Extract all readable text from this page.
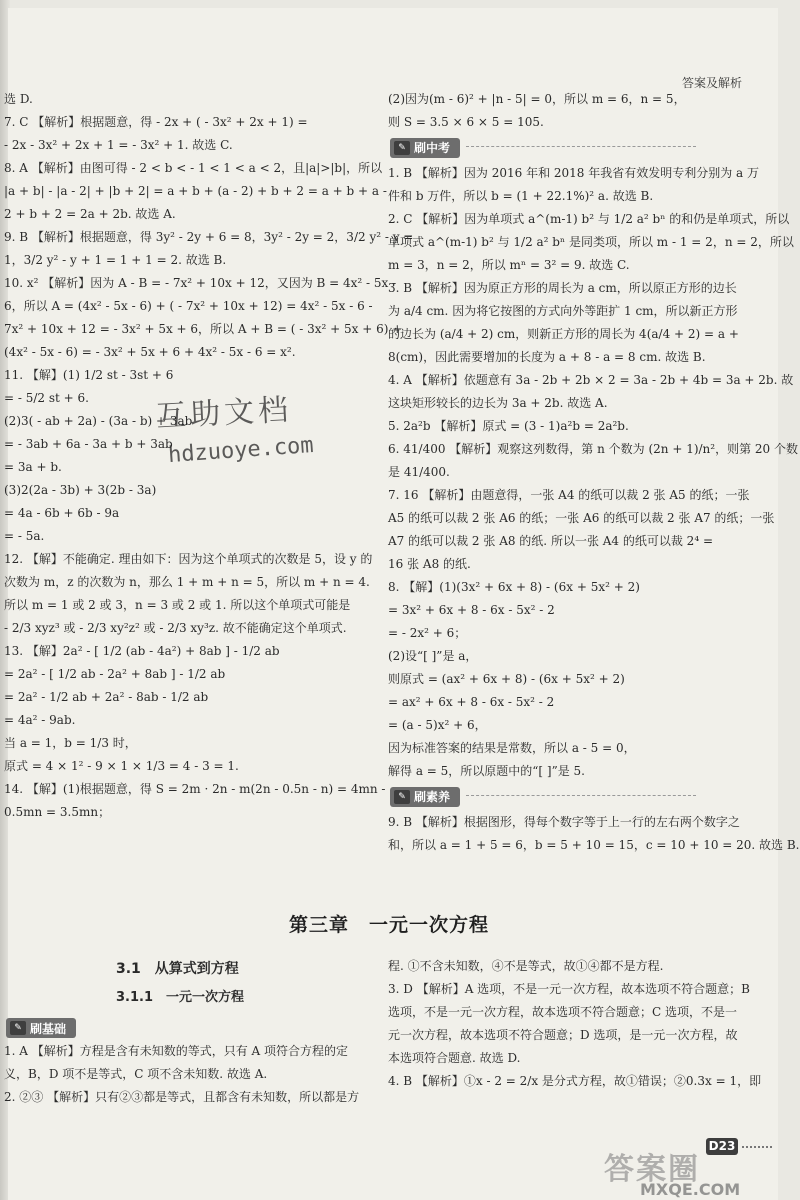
答案及解析
选 D.
7. C 【解析】根据题意，得 - 2x + ( - 3x² + 2x + 1) =
- 2x - 3x² + 2x + 1 = - 3x² + 1. 故选 C.
8. A 【解析】由图可得 - 2 < b < - 1 < 1 < a < 2，且|a|>|b|，所以
|a + b| - |a - 2| + |b + 2| = a + b + (a - 2) + b + 2 = a + b + a -
2 + b + 2 = 2a + 2b. 故选 A.
9. B 【解析】根据题意，得 3y² - 2y + 6 = 8，3y² - 2y = 2，3/2 y² - y =
1，3/2 y² - y + 1 = 1 + 1 = 2. 故选 B.
10. x² 【解析】因为 A - B = - 7x² + 10x + 12，又因为 B = 4x² - 5x -
6，所以 A = (4x² - 5x - 6) + ( - 7x² + 10x + 12) = 4x² - 5x - 6 -
7x² + 10x + 12 = - 3x² + 5x + 6，所以 A + B = ( - 3x² + 5x + 6) +
(4x² - 5x - 6) = - 3x² + 5x + 6 + 4x² - 5x - 6 = x².
11. 【解】(1) 1/2 st - 3st + 6
= - 5/2 st + 6.
(2)3( - ab + 2a) - (3a - b) + 3ab
= - 3ab + 6a - 3a + b + 3ab
= 3a + b.
(3)2(2a - 3b) + 3(2b - 3a)
= 4a - 6b + 6b - 9a
= - 5a.
12. 【解】不能确定. 理由如下：因为这个单项式的次数是 5，设 y 的
次数为 m，z 的次数为 n，那么 1 + m + n = 5，所以 m + n = 4.
所以 m = 1 或 2 或 3，n = 3 或 2 或 1. 所以这个单项式可能是
- 2/3 xyz³ 或 - 2/3 xy²z² 或 - 2/3 xy³z. 故不能确定这个单项式.
13. 【解】2a² - [ 1/2 (ab - 4a²) + 8ab ] - 1/2 ab
= 2a² - [ 1/2 ab - 2a² + 8ab ] - 1/2 ab
= 2a² - 1/2 ab + 2a² - 8ab - 1/2 ab
= 4a² - 9ab.
当 a = 1，b = 1/3 时，
原式 = 4 × 1² - 9 × 1 × 1/3 = 4 - 3 = 1.
14. 【解】(1)根据题意，得 S = 2m · 2n - m(2n - 0.5n - n) = 4mn -
0.5mn = 3.5mn；
(2)因为(m - 6)² + |n - 5| = 0，所以 m = 6，n = 5，
则 S = 3.5 × 6 × 5 = 105.
✎ 刷中考
1. B 【解析】因为 2016 年和 2018 年我省有效发明专利分别为 a 万
件和 b 万件，所以 b = (1 + 22.1%)² a. 故选 B.
2. C 【解析】因为单项式 a^(m-1) b² 与 1/2 a² bⁿ 的和仍是单项式，所以
单项式 a^(m-1) b² 与 1/2 a² bⁿ 是同类项，所以 m - 1 = 2，n = 2，所以
m = 3，n = 2，所以 mⁿ = 3² = 9. 故选 C.
3. B 【解析】因为原正方形的周长为 a cm，所以原正方形的边长
为 a/4 cm. 因为将它按图的方式向外等距扩 1 cm，所以新正方形
的边长为 (a/4 + 2) cm，则新正方形的周长为 4(a/4 + 2) = a +
8(cm)，因此需要增加的长度为 a + 8 - a = 8 cm. 故选 B.
4. A 【解析】依题意有 3a - 2b + 2b × 2 = 3a - 2b + 4b = 3a + 2b. 故
这块矩形较长的边长为 3a + 2b. 故选 A.
5. 2a²b 【解析】原式 = (3 - 1)a²b = 2a²b.
6. 41/400 【解析】观察这列数得，第 n 个数为 (2n + 1)/n²，则第 20 个数
是 41/400.
7. 16 【解析】由题意得，一张 A4 的纸可以裁 2 张 A5 的纸；一张
A5 的纸可以裁 2 张 A6 的纸；一张 A6 的纸可以裁 2 张 A7 的纸；一张
A7 的纸可以裁 2 张 A8 的纸. 所以一张 A4 的纸可以裁 2⁴ =
16 张 A8 的纸.
8. 【解】(1)(3x² + 6x + 8) - (6x + 5x² + 2)
= 3x² + 6x + 8 - 6x - 5x² - 2
= - 2x² + 6；
(2)设“[ ]”是 a，
则原式 = (ax² + 6x + 8) - (6x + 5x² + 2)
= ax² + 6x + 8 - 6x - 5x² - 2
= (a - 5)x² + 6，
因为标准答案的结果是常数，所以 a - 5 = 0，
解得 a = 5，所以原题中的“[ ]”是 5.
✎ 刷素养
9. B 【解析】根据图形，得每个数字等于上一行的左右两个数字之
和，所以 a = 1 + 5 = 6，b = 5 + 10 = 15，c = 10 + 10 = 20. 故选 B.
第三章　一元一次方程
3.1　从算式到方程
3.1.1　一元一次方程
✎ 刷基础
1. A 【解析】方程是含有未知数的等式，只有 A 项符合方程的定
义，B，D 项不是等式，C 项不含未知数. 故选 A.
2. ②③ 【解析】只有②③都是等式，且都含有未知数，所以都是方
程. ①不含未知数，④不是等式，故①④都不是方程.
3. D 【解析】A 选项，不是一元一次方程，故本选项不符合题意；B
选项，不是一元一次方程，故本选项不符合题意；C 选项，不是一
元一次方程，故本选项不符合题意；D 选项，是一元一次方程，故
本选项符合题意. 故选 D.
4. B 【解析】①x - 2 = 2/x 是分式方程，故①错误；②0.3x = 1，即
D23
互助文档
hdzuoye.com
答案圈
MXQE.COM
